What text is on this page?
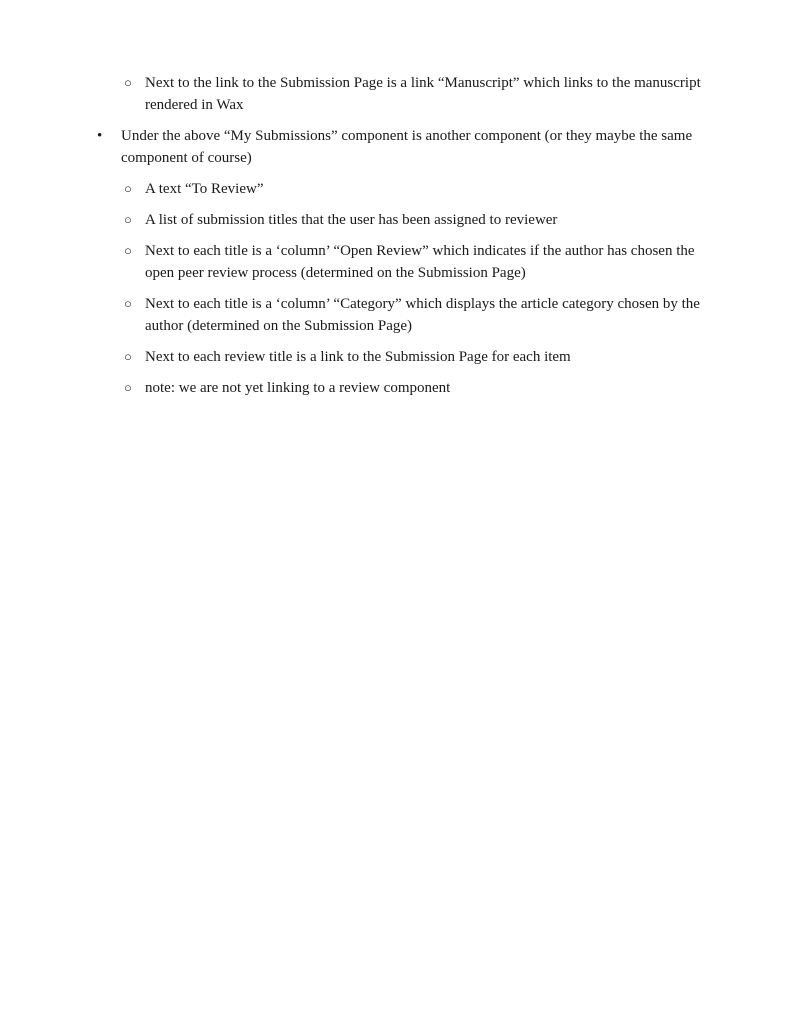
○ Next to the link to the Submission Page is a link “Manuscript” which links to the manuscript rendered in Wax
• Under the above “My Submissions” component is another component (or they maybe the same component of course)
○ A text “To Review”
○ A list of submission titles that the user has been assigned to reviewer
○ Next to each title is a ‘column’ “Open Review” which indicates if the author has chosen the open peer review process (determined on the Submission Page)
○ Next to each title is a ‘column’ “Category” which displays the article category chosen by the author (determined on the Submission Page)
○ Next to each review title is a link to the Submission Page for each item
○ note: we are not yet linking to a review component
